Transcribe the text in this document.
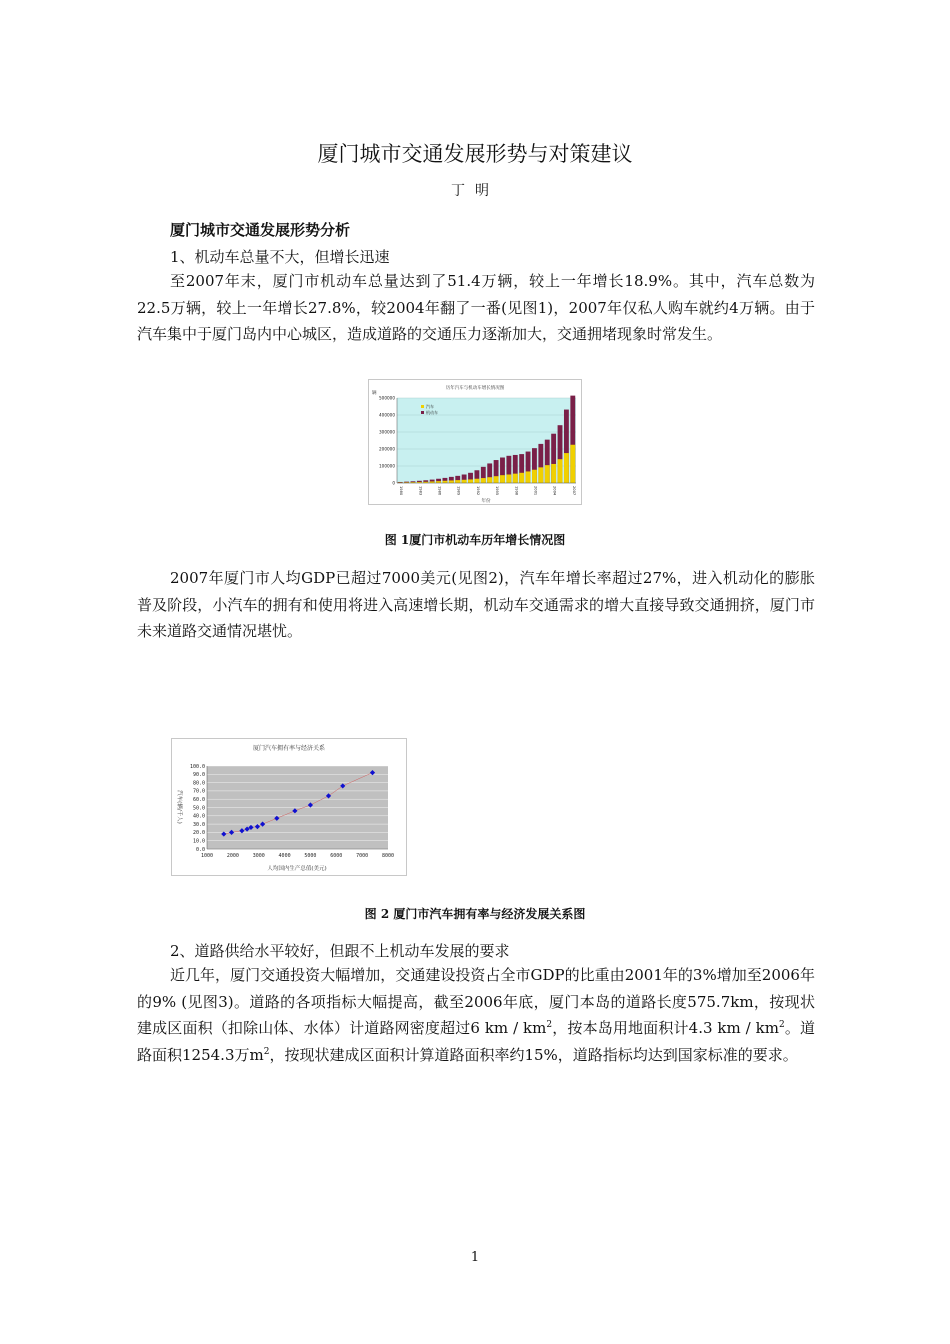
厦门城市交通发展形势与对策建议
丁明
厦门城市交通发展形势分析
1、机动车总量不大，但增长迅速

至2007年末，厦门市机动车总量达到了51.4万辆，较上一年增长18.9%。其中，汽车总数为22.5万辆，较上一年增长27.8%，较2004年翻了一番(见图1)，2007年仅私人购车就约4万辆。由于汽车集中于厦门岛内中心城区，造成道路的交通压力逐渐加大，交通拥堵现象时常发生。

历年汽车与机动车增长情况图
辆
500000
400000
300000
200000
100000
0
1980	1983	1986	1989	1992	1995	1998	2001	2004	2007
汽车
机动车
年份
图 1厦门市机动车历年增长情况图

2007年厦门市人均GDP已超过7000美元(见图2)，汽车年增长率超过27%，进入机动化的膨胀普及阶段，小汽车的拥有和使用将进入高速增长期，机动车交通需求的增大直接导致交通拥挤，厦门市未来道路交通情况堪忧。

厦门汽车拥有率与经济关系
100.0
90.0
80.0
70.0
60.0
50.0
40.0
30.0
20.0
10.0
0.0
1000	2000	3000	4000	5000	6000	7000	8000
人均国内生产总值(美元)
汽车(辆/千人)
图 2 厦门市汽车拥有率与经济发展关系图
2、道路供给水平较好，但跟不上机动车发展的要求

近几年，厦门交通投资大幅增加，交通建设投资占全市GDP的比重由2001年的3%增加至2006年的9% (见图3)。道路的各项指标大幅提高，截至2006年底，厦门本岛的道路长度575.7km，按现状建成区面积（扣除山体、水体）计道路网密度超过6 km / $km^2$，按本岛用地面积计4.3 km / $km^2$。道路面积1254.3万$m^2$，按现状建成区面积计算道路面积率约15%，道路指标均达到国家标准的要求。

1
